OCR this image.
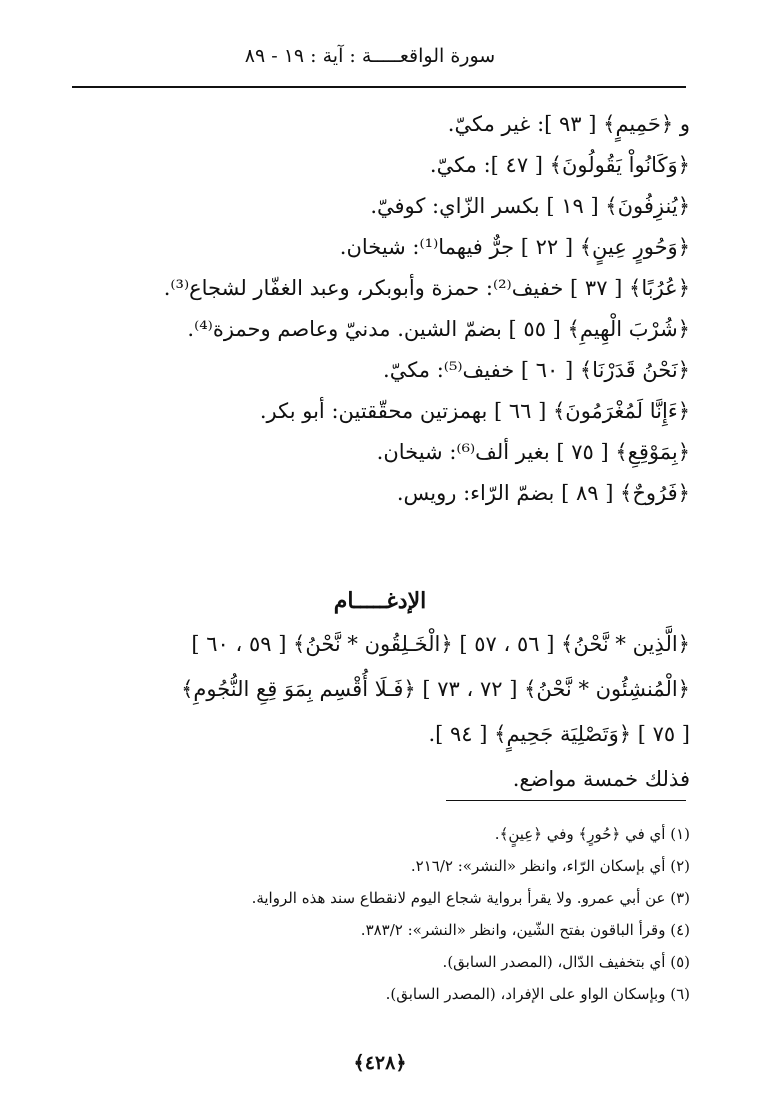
سورة الواقعـــــة : آية : ١٩ - ٨٩
و ﴿حَمِيمٍ﴾ [ ٩٣ ]: غير مكيّ.
﴿وَكَانُواْ يَقُولُونَ﴾ [ ٤٧ ]: مكيّ.
﴿يُنزِفُونَ﴾ [ ١٩ ] بكسر الزّاي: كوفيّ.
﴿وَحُورٍ عِينٍ﴾ [ ٢٢ ] جرٌّ فيهما⁽¹⁾: شيخان.
﴿عُرُبًا﴾ [ ٣٧ ] خفيف⁽²⁾: حمزة وأبوبكر، وعبد الغفّار لشجاع⁽³⁾.
﴿شُرْبَ الْهِيمِ﴾ [ ٥٥ ] بضمّ الشين. مدنيّ وعاصم وحمزة⁽⁴⁾.
﴿نَحْنُ قَدَرْنَا﴾ [ ٦٠ ] خفيف⁽⁵⁾: مكيّ.
﴿ءَإِنَّا لَمُغْرَمُونَ﴾ [ ٦٦ ] بهمزتين محقّقتين: أبو بكر.
﴿بِمَوْقِعِ﴾ [ ٧٥ ] بغير ألف⁽⁶⁾: شيخان.
﴿فَرُوحٌ﴾ [ ٨٩ ] بضمّ الرّاء: رويس.
الإدغـــــام
﴿الَّذِين * نَّحْنُ﴾ [ ٥٦ ، ٥٧ ] ﴿الْخَـلِقُون * نَّحْنُ﴾ [ ٥٩ ، ٦٠ ]
﴿الْمُنشِئُون * نَّحْنُ﴾ [ ٧٢ ، ٧٣ ] ﴿فَـلَا أُقْسِم بِمَوَ قِعِ النُّجُومِ﴾
[ ٧٥ ] ﴿وَتَصْلِيَة جَحِيمٍ﴾ [ ٩٤ ].
فذلك خمسة مواضع.
(١) أي في ﴿حُورٍ﴾ وفي ﴿عِينٍ﴾.
(٢) أي بإسكان الرّاء، وانظر «النشر»: ٢١٦/٢.
(٣) عن أبي عمرو. ولا يقرأ برواية شجاع اليوم لانقطاع سند هذه الرواية.
(٤) وقرأ الباقون بفتح الشّين، وانظر «النشر»: ٣٨٣/٢.
(٥) أي بتخفيف الدّال، (المصدر السابق).
(٦) وبإسكان الواو على الإفراد، (المصدر السابق).
﴿٤٢٨﴾
